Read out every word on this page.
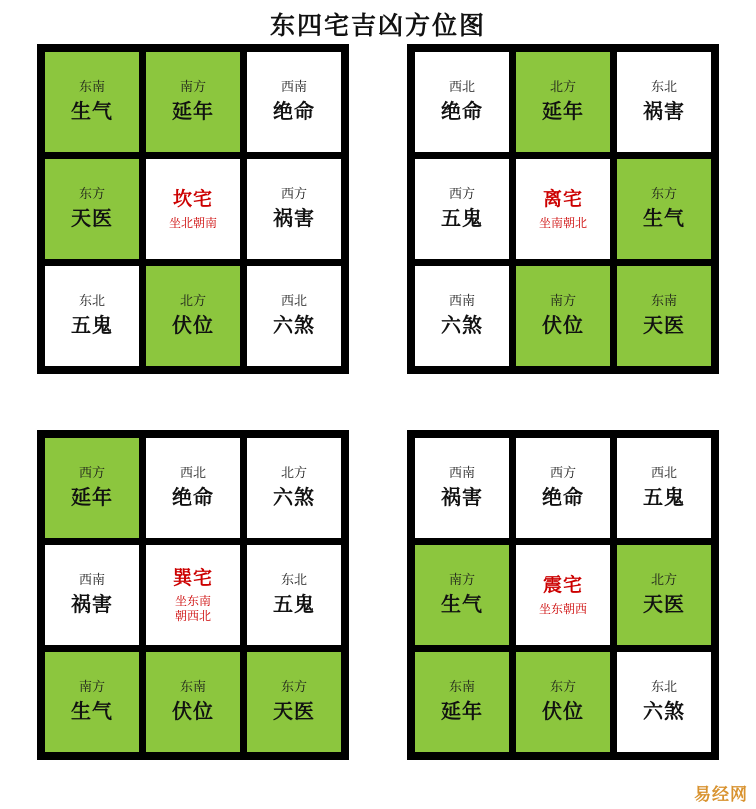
东四宅吉凶方位图
东南
生气
南方
延年
西南
绝命
东方
天医
坎宅
坐北朝南
西方
祸害
东北
五鬼
北方
伏位
西北
六煞
西北
绝命
北方
延年
东北
祸害
西方
五鬼
离宅
坐南朝北
东方
生气
西南
六煞
南方
伏位
东南
天医
西方
延年
西北
绝命
北方
六煞
西南
祸害
巽宅
坐东南
朝西北
东北
五鬼
南方
生气
东南
伏位
东方
天医
西南
祸害
西方
绝命
西北
五鬼
南方
生气
震宅
坐东朝西
北方
天医
东南
延年
东方
伏位
东北
六煞
易经网
